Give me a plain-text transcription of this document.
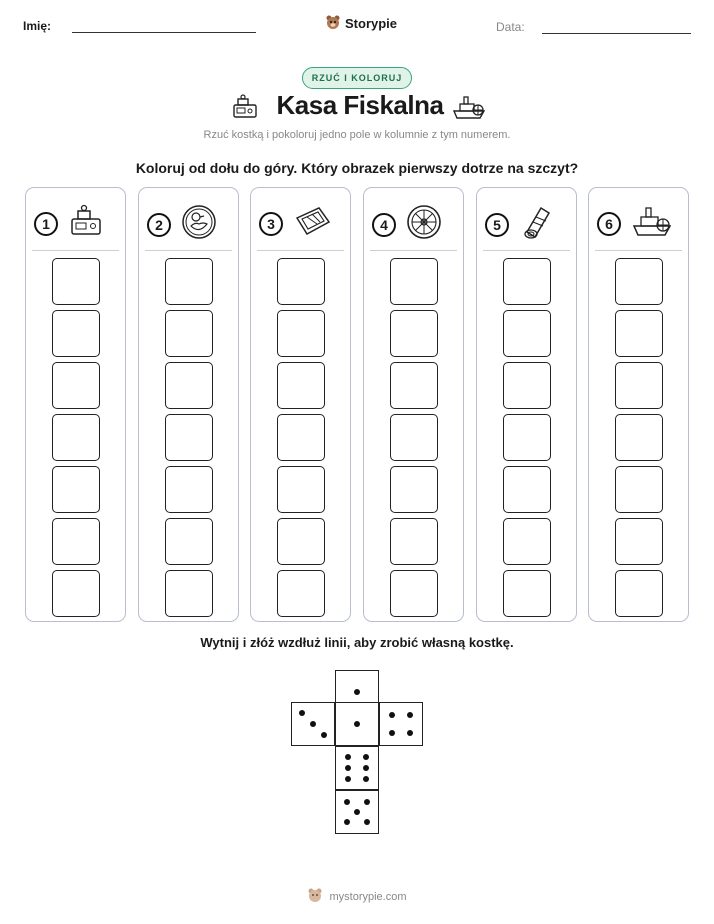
Imię:	Storypie	Data:
RZUĆ I KOLORUJ
Kasa Fiskalna
Rzuć kostką i pokoloruj jedno pole w kolumnie z tym numerem.
Koloruj od dołu do góry. Który obrazek pierwszy dotrze na szczyt?
1	2	3	4	5	6
Wytnij i złóż wzdłuż linii, aby zrobić własną kostkę.
mystorypie.com
